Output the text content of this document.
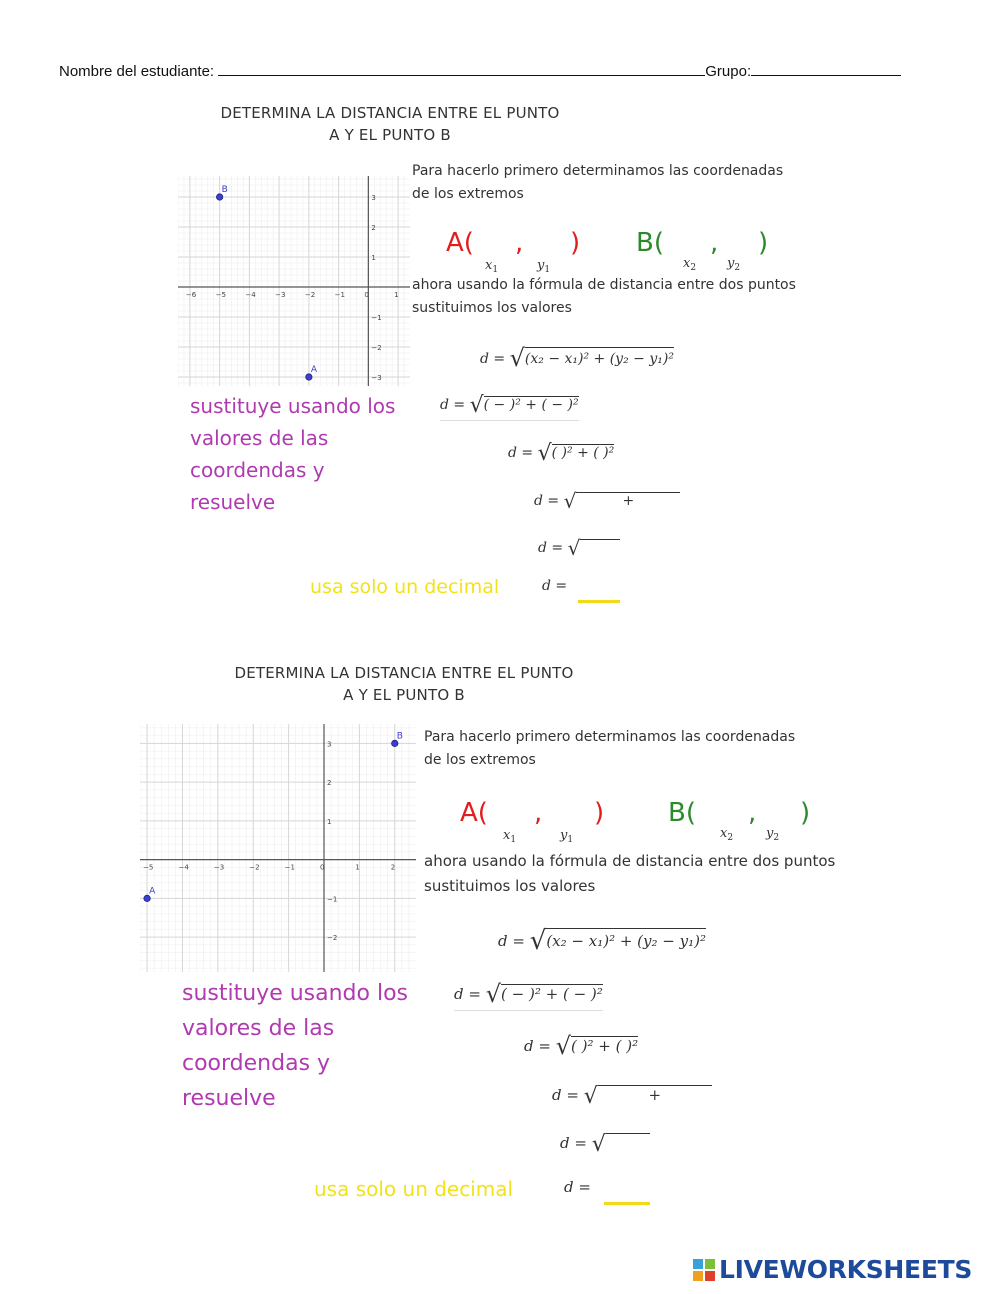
Nombre del estudiante:	Grupo:
DETERMINA LA DISTANCIA ENTRE EL PUNTO
A Y EL PUNTO B
−6	−5	−4	−3	−2	−1	0	1
3
2
1
−1
−2
−3
A
B
Para hacerlo primero determinamos las coordenadas
de los extremos
A( , )
$x_1$	$y_1$
B( , )
$x_2$ $y_2$
ahora usando la fórmula de distancia entre dos puntos
sustituimos los valores
d = √(x₂ − x₁)² + (y₂ − y₁)²
d = √( − )² + ( − )²
d = √( )² + ( )²
d = √	+
d = √
d =
sustituye usando los
valores de las
coordendas y
resuelve
usa solo un decimal
DETERMINA LA DISTANCIA ENTRE EL PUNTO
A Y EL PUNTO B
−5	−4	−3	−2	−1	0	1	2
3
2
1
−1
−2
A
B Para hacerlo primero determinamos las coordenadas
de los extremos
A( , )
$x_1$	$y_1$
B( , )
$x_2$	$y_2$
ahora usando la fórmula de distancia entre dos puntos
sustituimos los valores
d = √(x₂ − x₁)² + (y₂ − y₁)²
d = √( − )² + ( − )²
d = √( )² + ( )²
d = √	+
d = √
d =
sustituye usando los
valores de las
coordendas y
resuelve
usa solo un decimal
LIVEWORKSHEETS
